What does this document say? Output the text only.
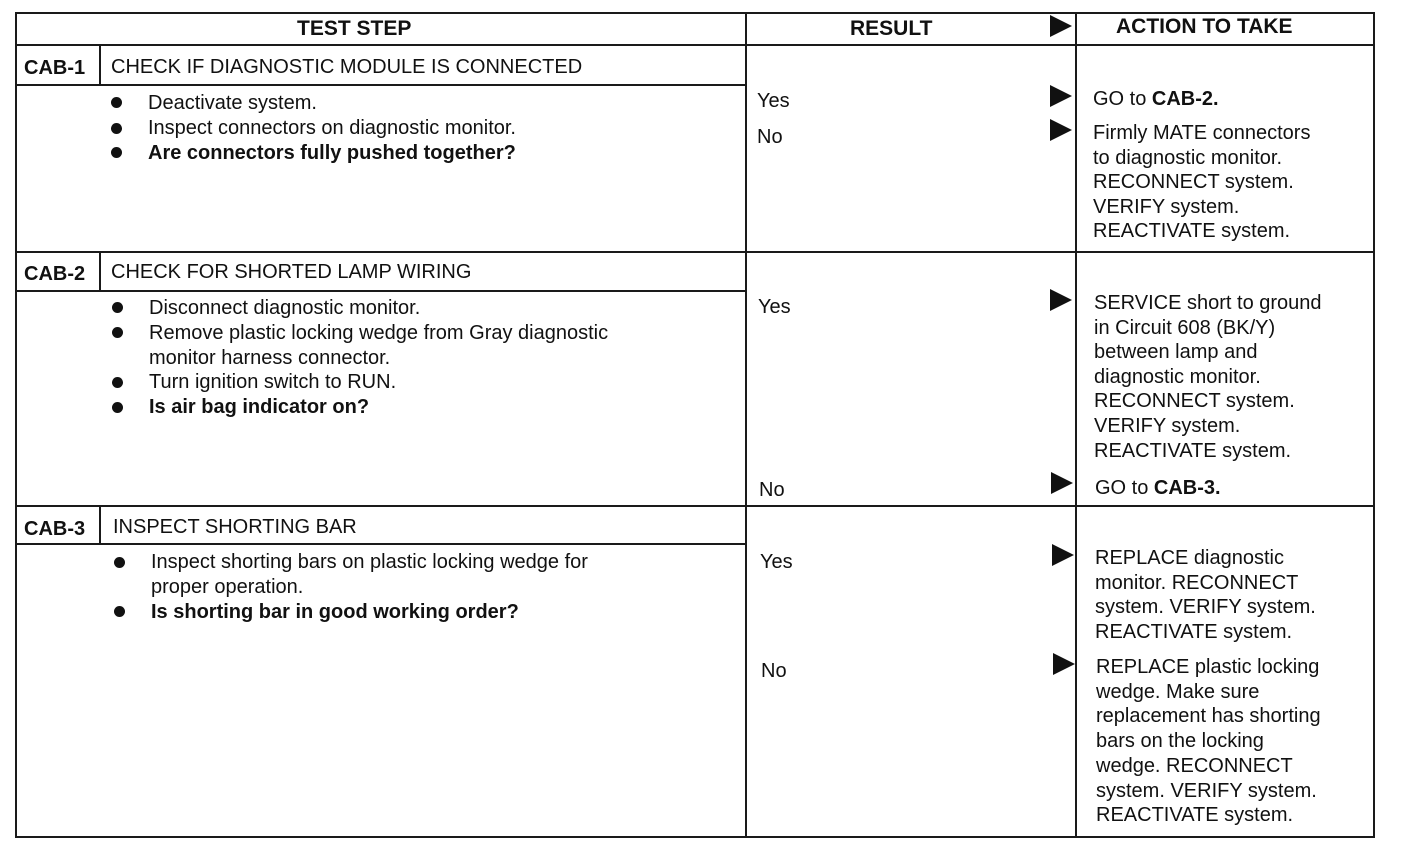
TEST STEP	RESULT	ACTION TO TAKE
CAB-1 CHECK IF DIAGNOSTIC MODULE IS CONNECTED
Deactivate system.
Inspect connectors on diagnostic monitor.
Are connectors fully pushed together?
Yes	GO to CAB-2.
No	Firmly MATE connectors
to diagnostic monitor.
RECONNECT system.
VERIFY system.
REACTIVATE system.
CAB-2 CHECK FOR SHORTED LAMP WIRING
Disconnect diagnostic monitor.
Remove plastic locking wedge from Gray diagnostic
monitor harness connector.
Turn ignition switch to RUN.
Is air bag indicator on?
Yes	SERVICE short to ground
in Circuit 608 (BK/Y)
between lamp and
diagnostic monitor.
RECONNECT system.
VERIFY system.
REACTIVATE system.
No	GO to CAB-3.
CAB-3 INSPECT SHORTING BAR
Inspect shorting bars on plastic locking wedge for
proper operation.
Is shorting bar in good working order?
Yes	REPLACE diagnostic
monitor. RECONNECT
system. VERIFY system.
REACTIVATE system.
No	REPLACE plastic locking
wedge. Make sure
replacement has shorting
bars on the locking
wedge. RECONNECT
system. VERIFY system.
REACTIVATE system.
